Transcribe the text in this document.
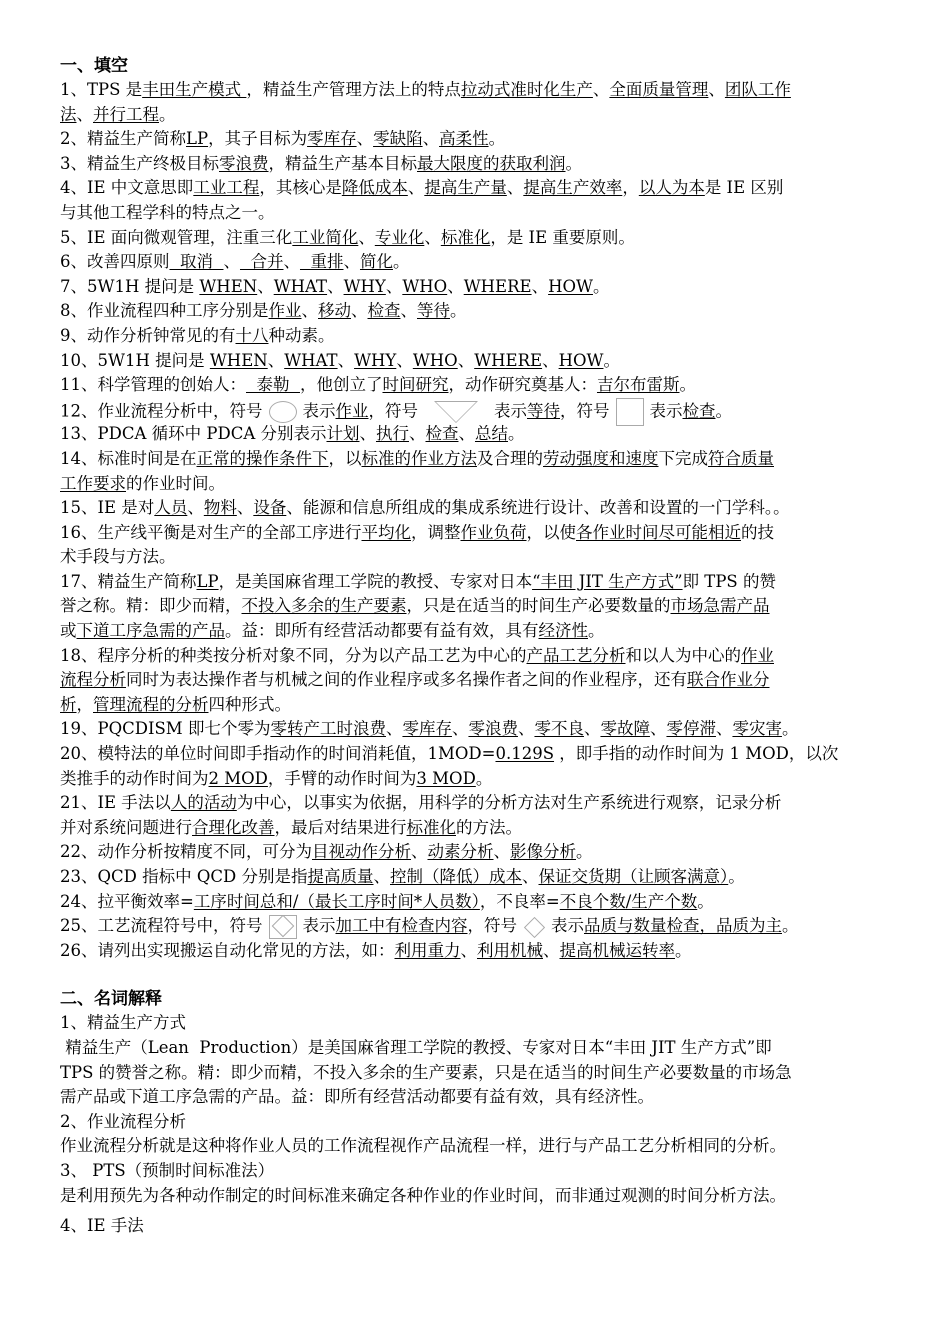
一、填空
1、TPS 是丰田生产模式 ，精益生产管理方法上的特点拉动式准时化生产、全面质量管理、团队工作
法、并行工程。
2、精益生产简称LP，其子目标为零库存、零缺陷、高柔性。
3、精益生产终极目标零浪费，精益生产基本目标最大限度的获取利润。
4、IE 中文意思即工业工程，其核心是降低成本、提高生产量、提高生产效率，以人为本是 IE 区别
与其他工程学科的特点之一。
5、IE 面向微观管理，注重三化工业简化、专业化、标准化，是 IE 重要原则。
6、改善四原则  取消  、  合并、  重排、简化。
7、5W1H 提问是 WHEN、WHAT、WHY、WHO、WHERE、HOW。
8、作业流程四种工序分别是作业、移动、检查、等待。
9、动作分析钟常见的有十八种动素。
10、5W1H 提问是 WHEN、WHAT、WHY、WHO、WHERE、HOW。
11、科学管理的创始人：  泰勒  ，他创立了时间研究，动作研究奠基人：吉尔布雷斯。
12、作业流程分析中，符号 表示作业，符号	表示等待，符号 表示检查。
13、PDCA 循环中 PDCA 分别表示计划、执行、检查、总结。
14、标准时间是在正常的操作条件下，以标准的作业方法及合理的劳动强度和速度下完成符合质量
工作要求的作业时间。
15、IE 是对人员、物料、设备、能源和信息所组成的集成系统进行设计、改善和设置的一门学科。。
16、生产线平衡是对生产的全部工序进行平均化，调整作业负荷，以使各作业时间尽可能相近的技
术手段与方法。
17、精益生产简称LP，是美国麻省理工学院的教授、专家对日本“丰田 JIT 生产方式”即 TPS 的赞
誉之称。精：即少而精，不投入多余的生产要素，只是在适当的时间生产必要数量的市场急需产品
或下道工序急需的产品。益：即所有经营活动都要有益有效，具有经济性。
18、程序分析的种类按分析对象不同，分为以产品工艺为中心的产品工艺分析和以人为中心的作业
流程分析同时为表达操作者与机械之间的作业程序或多名操作者之间的作业程序，还有联合作业分
析，管理流程的分析四种形式。
19、PQCDISM 即七个零为零转产工时浪费、零库存、零浪费、零不良、零故障、零停滞、零灾害。
20、模特法的单位时间即手指动作的时间消耗值，1MOD=0.129S ，即手指的动作时间为 1 MOD，以次
类推手的动作时间为2 MOD，手臂的动作时间为3 MOD。
21、IE 手法以人的活动为中心，以事实为依据，用科学的分析方法对生产系统进行观察，记录分析
并对系统问题进行合理化改善，最后对结果进行标准化的方法。
22、动作分析按精度不同，可分为目视动作分析、动素分析、影像分析。
23、QCD 指标中 QCD 分别是指提高质量、控制（降低）成本、保证交货期（让顾客满意）。
24、拉平衡效率=工序时间总和/（最长工序时间*人员数），不良率=不良个数/生产个数。
25、工艺流程符号中，符号 表示加工中有检查内容，符号 表示品质与数量检查，品质为主。
26、请列出实现搬运自动化常见的方法，如：利用重力、利用机械、提高机械运转率。
二、名词解释
1、精益生产方式
精益生产（Lean  Production）是美国麻省理工学院的教授、专家对日本“丰田 JIT 生产方式”即
TPS 的赞誉之称。精：即少而精，不投入多余的生产要素，只是在适当的时间生产必要数量的市场急
需产品或下道工序急需的产品。益：即所有经营活动都要有益有效，具有经济性。
2、作业流程分析
作业流程分析就是这种将作业人员的工作流程视作产品流程一样，进行与产品工艺分析相同的分析。
3、 PTS（预制时间标准法）
是利用预先为各种动作制定的时间标准来确定各种作业的作业时间，而非通过观测的时间分析方法。
4、IE 手法
